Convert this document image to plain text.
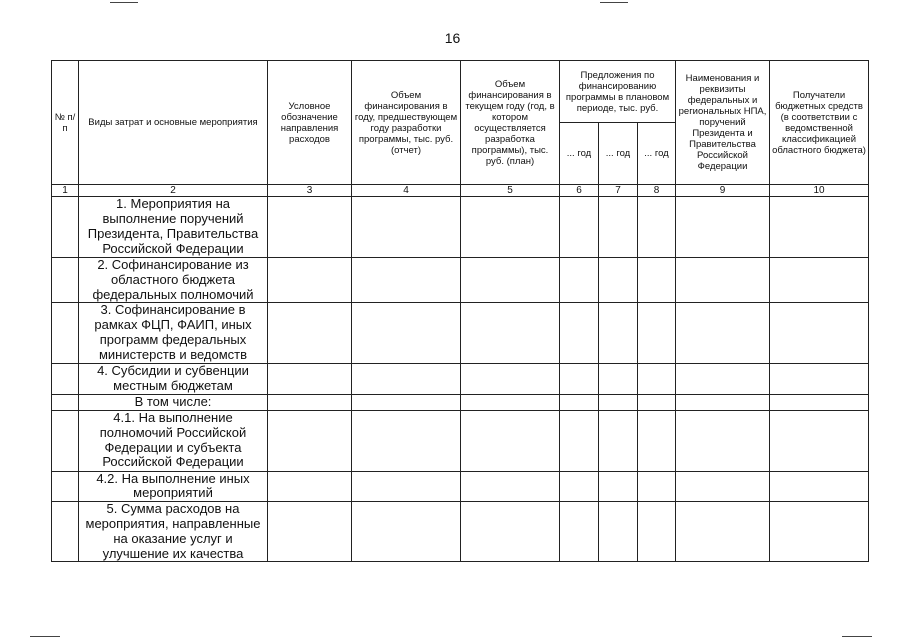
16
№ п/п	Виды затрат и основные мероприятия	Условное обозначение направления расходов	Объем финансирования в году, предшествующем году разработки программы, тыс. руб. (отчет)	Объем финансирования в текущем году (год, в котором осуществляется разработка программы), тыс. руб. (план)	Предложения по финансированию программы в плановом периоде, тыс. руб.			Наименования и реквизиты федеральных и региональных НПА, поручений Президента и Правительства Российской Федерации	Получатели бюджетных средств (в соответствии с ведомственной классификацией областного бюджета)

					... год	... год	... год		

1	2	3	4	5	6	7	8	9	10
	1. Мероприятия на выполнение поручений Президента, Правительства Российской Федерации								
	2. Софинансирование из областного бюджета федеральных полномочий								
	3. Софинансирование в рамках ФЦП, ФАИП, иных программ федеральных министерств и ведомств								
	4. Субсидии и субвенции местным бюджетам								
	В том числе:								
	4.1. На выполнение полномочий Российской Федерации и субъекта Российской Федерации								
	4.2. На выполнение иных мероприятий								
	5. Сумма расходов на мероприятия, направленные на оказание услуг и улучшение их качества								
